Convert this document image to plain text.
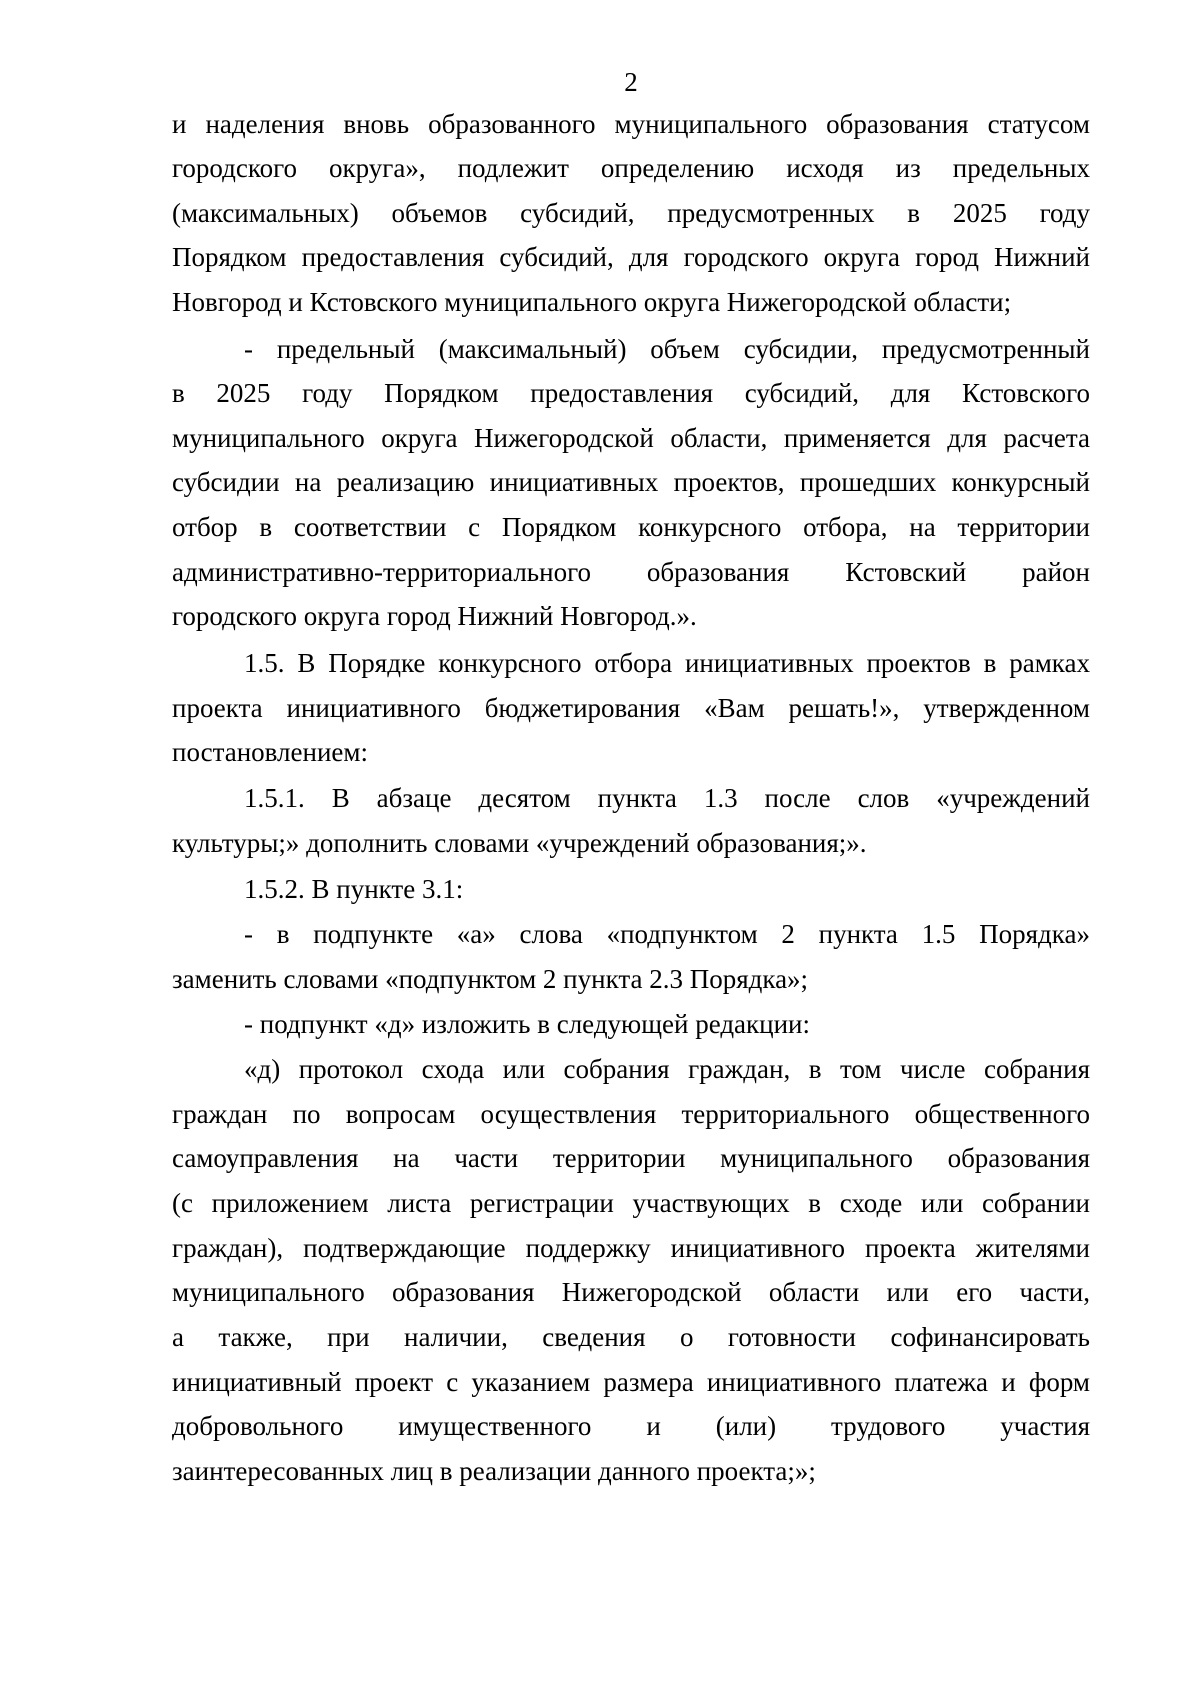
2
и наделения вновь образованного муниципального образования статусом
городского округа», подлежит определению исходя из предельных
(максимальных) объемов субсидий, предусмотренных в 2025 году
Порядком предоставления субсидий, для городского округа город Нижний
Новгород и Кстовского муниципального округа Нижегородской области;
- предельный (максимальный) объем субсидии, предусмотренный
в 2025 году Порядком предоставления субсидий, для Кстовского
муниципального округа Нижегородской области, применяется для расчета
субсидии на реализацию инициативных проектов, прошедших конкурсный
отбор в соответствии с Порядком конкурсного отбора, на территории
административно-территориального образования Кстовский район
городского округа город Нижний Новгород.».
1.5. В Порядке конкурсного отбора инициативных проектов в рамках
проекта инициативного бюджетирования «Вам решать!», утвержденном
постановлением:
1.5.1. В абзаце десятом пункта 1.3 после слов «учреждений
культуры;» дополнить словами «учреждений образования;».
1.5.2. В пункте 3.1:
- в подпункте «а» слова «подпунктом 2 пункта 1.5 Порядка»
заменить словами «подпунктом 2 пункта 2.3 Порядка»;
- подпункт «д» изложить в следующей редакции:
«д) протокол схода или собрания граждан, в том числе собрания
граждан по вопросам осуществления территориального общественного
самоуправления на части территории муниципального образования
(с приложением листа регистрации участвующих в сходе или собрании
граждан), подтверждающие поддержку инициативного проекта жителями
муниципального образования Нижегородской области или его части,
а также, при наличии, сведения о готовности софинансировать
инициативный проект с указанием размера инициативного платежа и форм
добровольного имущественного и (или) трудового участия
заинтересованных лиц в реализации данного проекта;»;
